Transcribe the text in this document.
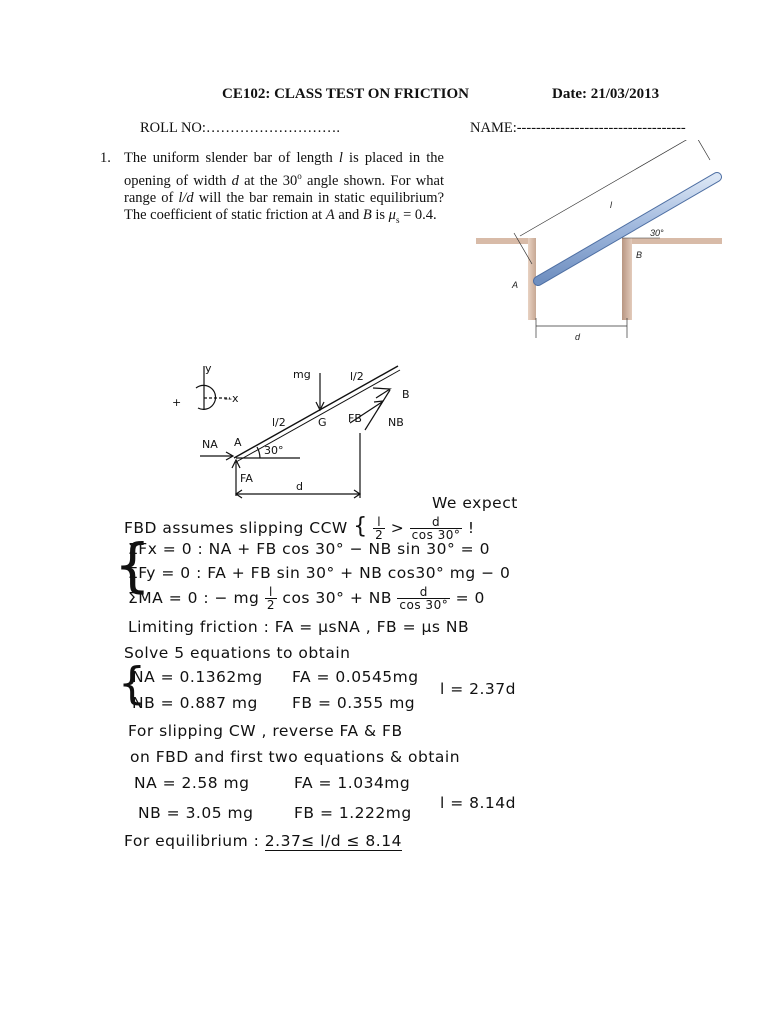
CE102: CLASS TEST ON FRICTION	Date: 21/03/2013
ROLL NO:……………………….	NAME:-----------------------------------
1. The uniform slender bar of length l is placed in the opening of width d at the 30$^o$ angle shown. For what range of l/d will the bar remain in static equilibrium? The coefficient of static friction at A and B is $\mu_s = 0.4$.
l
30°
B
A
d
y
--x
+
mg	l/2
l/2	G FB
B
NB
NA A
30°
FA
d
We expect
FBD assumes slipping CCW { $\frac{l}{2} > \frac{d}{\cos 30^\circ}$ !
{
ΣFx = 0 : NA + FB cos 30° − NB sin 30° = 0
ΣFy = 0 : FA + FB sin 30° + NB cos30° mg − 0
ΣMA = 0 : − mg $\frac{l}{2}$ cos 30° + NB $\frac{d}{\cos 30^\circ} = 0$
Limiting friction : FA = μsNA , FB = μs NB
Solve 5 equations to obtain
{
NA = 0.1362mg FA = 0.0545mg
l = 2.37d
NB = 0.887 mg FB = 0.355 mg
For slipping CW , reverse FA & FB
on FBD and first two equations & obtain
NA = 2.58 mg	FA = 1.034mg
l = 8.14d
NB = 3.05 mg	FB = 1.222mg
For equilibrium : 2.37≤ l/d ≤ 8.14
